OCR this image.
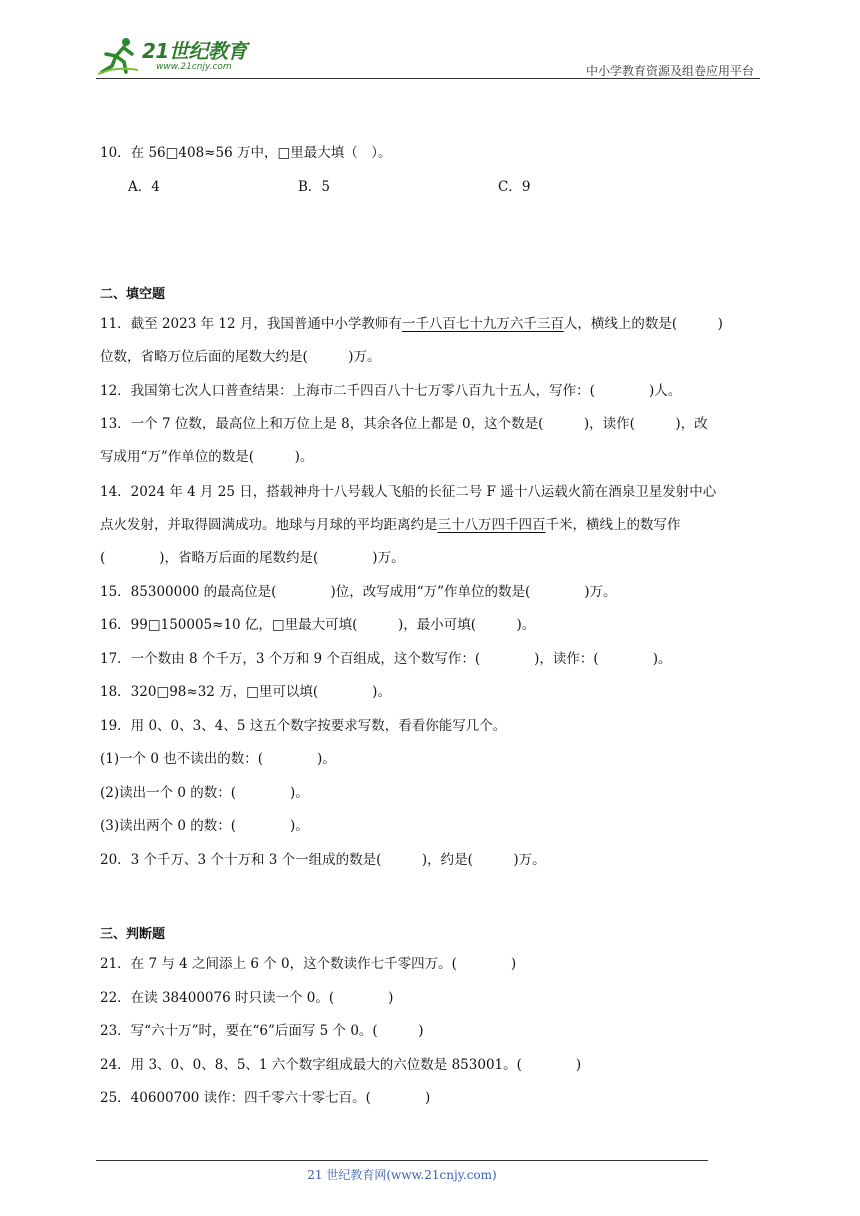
21世纪教育
www.21cnjy.com	中小学教育资源及组卷应用平台
10．在 56□408≈56 万中，□里最大填（　）。
A．4	B．5	C．9
二、填空题
11．截至 2023 年 12 月，我国普通中小学教师有一千八百七十九万六千三百人，横线上的数是(　　　)
位数，省略万位后面的尾数大约是(　　　)万。
12．我国第七次人口普查结果：上海市二千四百八十七万零八百九十五人，写作：(　　　　)人。
13．一个 7 位数，最高位上和万位上是 8，其余各位上都是 0，这个数是(　　　)，读作(　　　)，改
写成用“万”作单位的数是(　　　)。
14．2024 年 4 月 25 日，搭载神舟十八号载人飞船的长征二号 F 遥十八运载火箭在酒泉卫星发射中心
点火发射，并取得圆满成功。地球与月球的平均距离约是三十八万四千四百千米，横线上的数写作
(　　　　)，省略万后面的尾数约是(　　　　)万。
15．85300000 的最高位是(　　　　)位，改写成用“万”作单位的数是(　　　　)万。
16．99□150005≈10 亿，□里最大可填(　　　)，最小可填(　　　)。
17．一个数由 8 个千万，3 个万和 9 个百组成，这个数写作：(　　　　)，读作：(　　　　)。
18．320□98≈32 万，□里可以填(　　　　)。
19．用 0、0、3、4、5 这五个数字按要求写数，看看你能写几个。
(1)一个 0 也不读出的数：(　　　　)。
(2)读出一个 0 的数：(　　　　)。
(3)读出两个 0 的数：(　　　　)。
20．3 个千万、3 个十万和 3 个一组成的数是(　　　)，约是(　　　)万。
三、判断题
21．在 7 与 4 之间添上 6 个 0，这个数读作七千零四万。(　　　　)
22．在读 38400076 时只读一个 0。(　　　　)
23．写“六十万”时，要在“6”后面写 5 个 0。(　　　)
24．用 3、0、0、8、5、1 六个数字组成最大的六位数是 853001。(　　　　)
25．40600700 读作：四千零六十零七百。(　　　　)
21 世纪教育网(www.21cnjy.com)
